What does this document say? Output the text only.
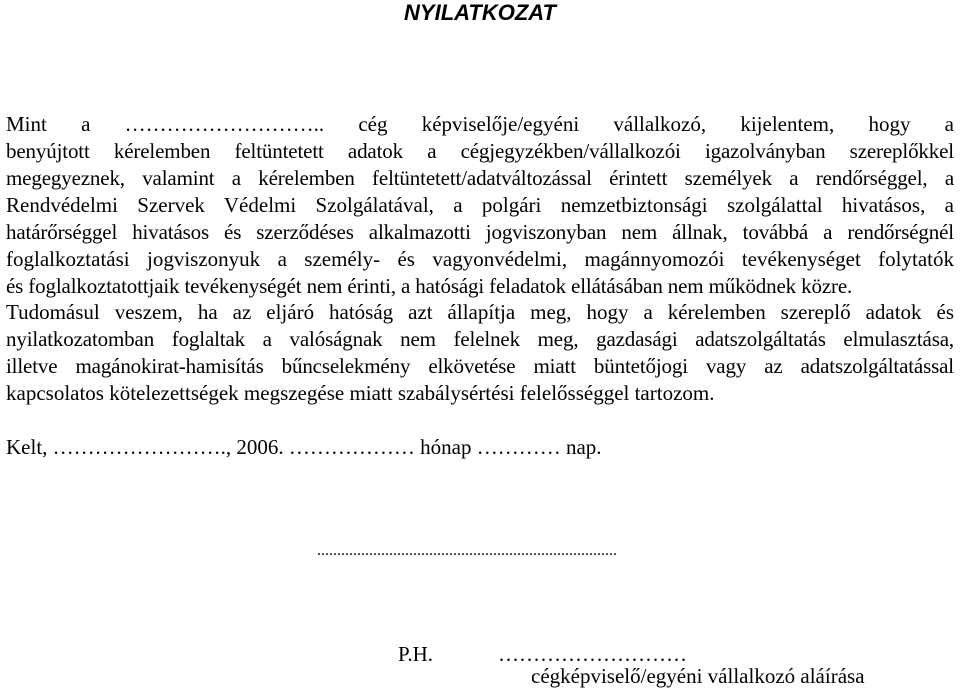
NYILATKOZAT
Mint a ……………………….. cég képviselője/egyéni vállalkozó, kijelentem, hogy a
benyújtott kérelemben feltüntetett adatok a cégjegyzékben/vállalkozói igazolványban szereplőkkel
megegyeznek, valamint a kérelemben feltüntetett/adatváltozással érintett személyek a rendőrséggel, a
Rendvédelmi Szervek Védelmi Szolgálatával, a polgári nemzetbiztonsági szolgálattal hivatásos, a
határőrséggel hivatásos és szerződéses alkalmazotti jogviszonyban nem állnak, továbbá a rendőrségnél
foglalkoztatási jogviszonyuk a személy- és vagyonvédelmi, magánnyomozói tevékenységet folytatók
és foglalkoztatottjaik tevékenységét nem érinti, a hatósági feladatok ellátásában nem működnek közre.
Tudomásul veszem, ha az eljáró hatóság azt állapítja meg, hogy a kérelemben szereplő adatok és
nyilatkozatomban foglaltak a valóságnak nem felelnek meg, gazdasági adatszolgáltatás elmulasztása,
illetve magánokirat-hamisítás bűncselekmény elkövetése miatt büntetőjogi vagy az adatszolgáltatással
kapcsolatos kötelezettségek megszegése miatt szabálysértési felelősséggel tartozom.
Kelt, ……………………., 2006. ……………… hónap ………… nap.
...........................................................................
P.H.	………………………
cégképviselő/egyéni vállalkozó aláírása
